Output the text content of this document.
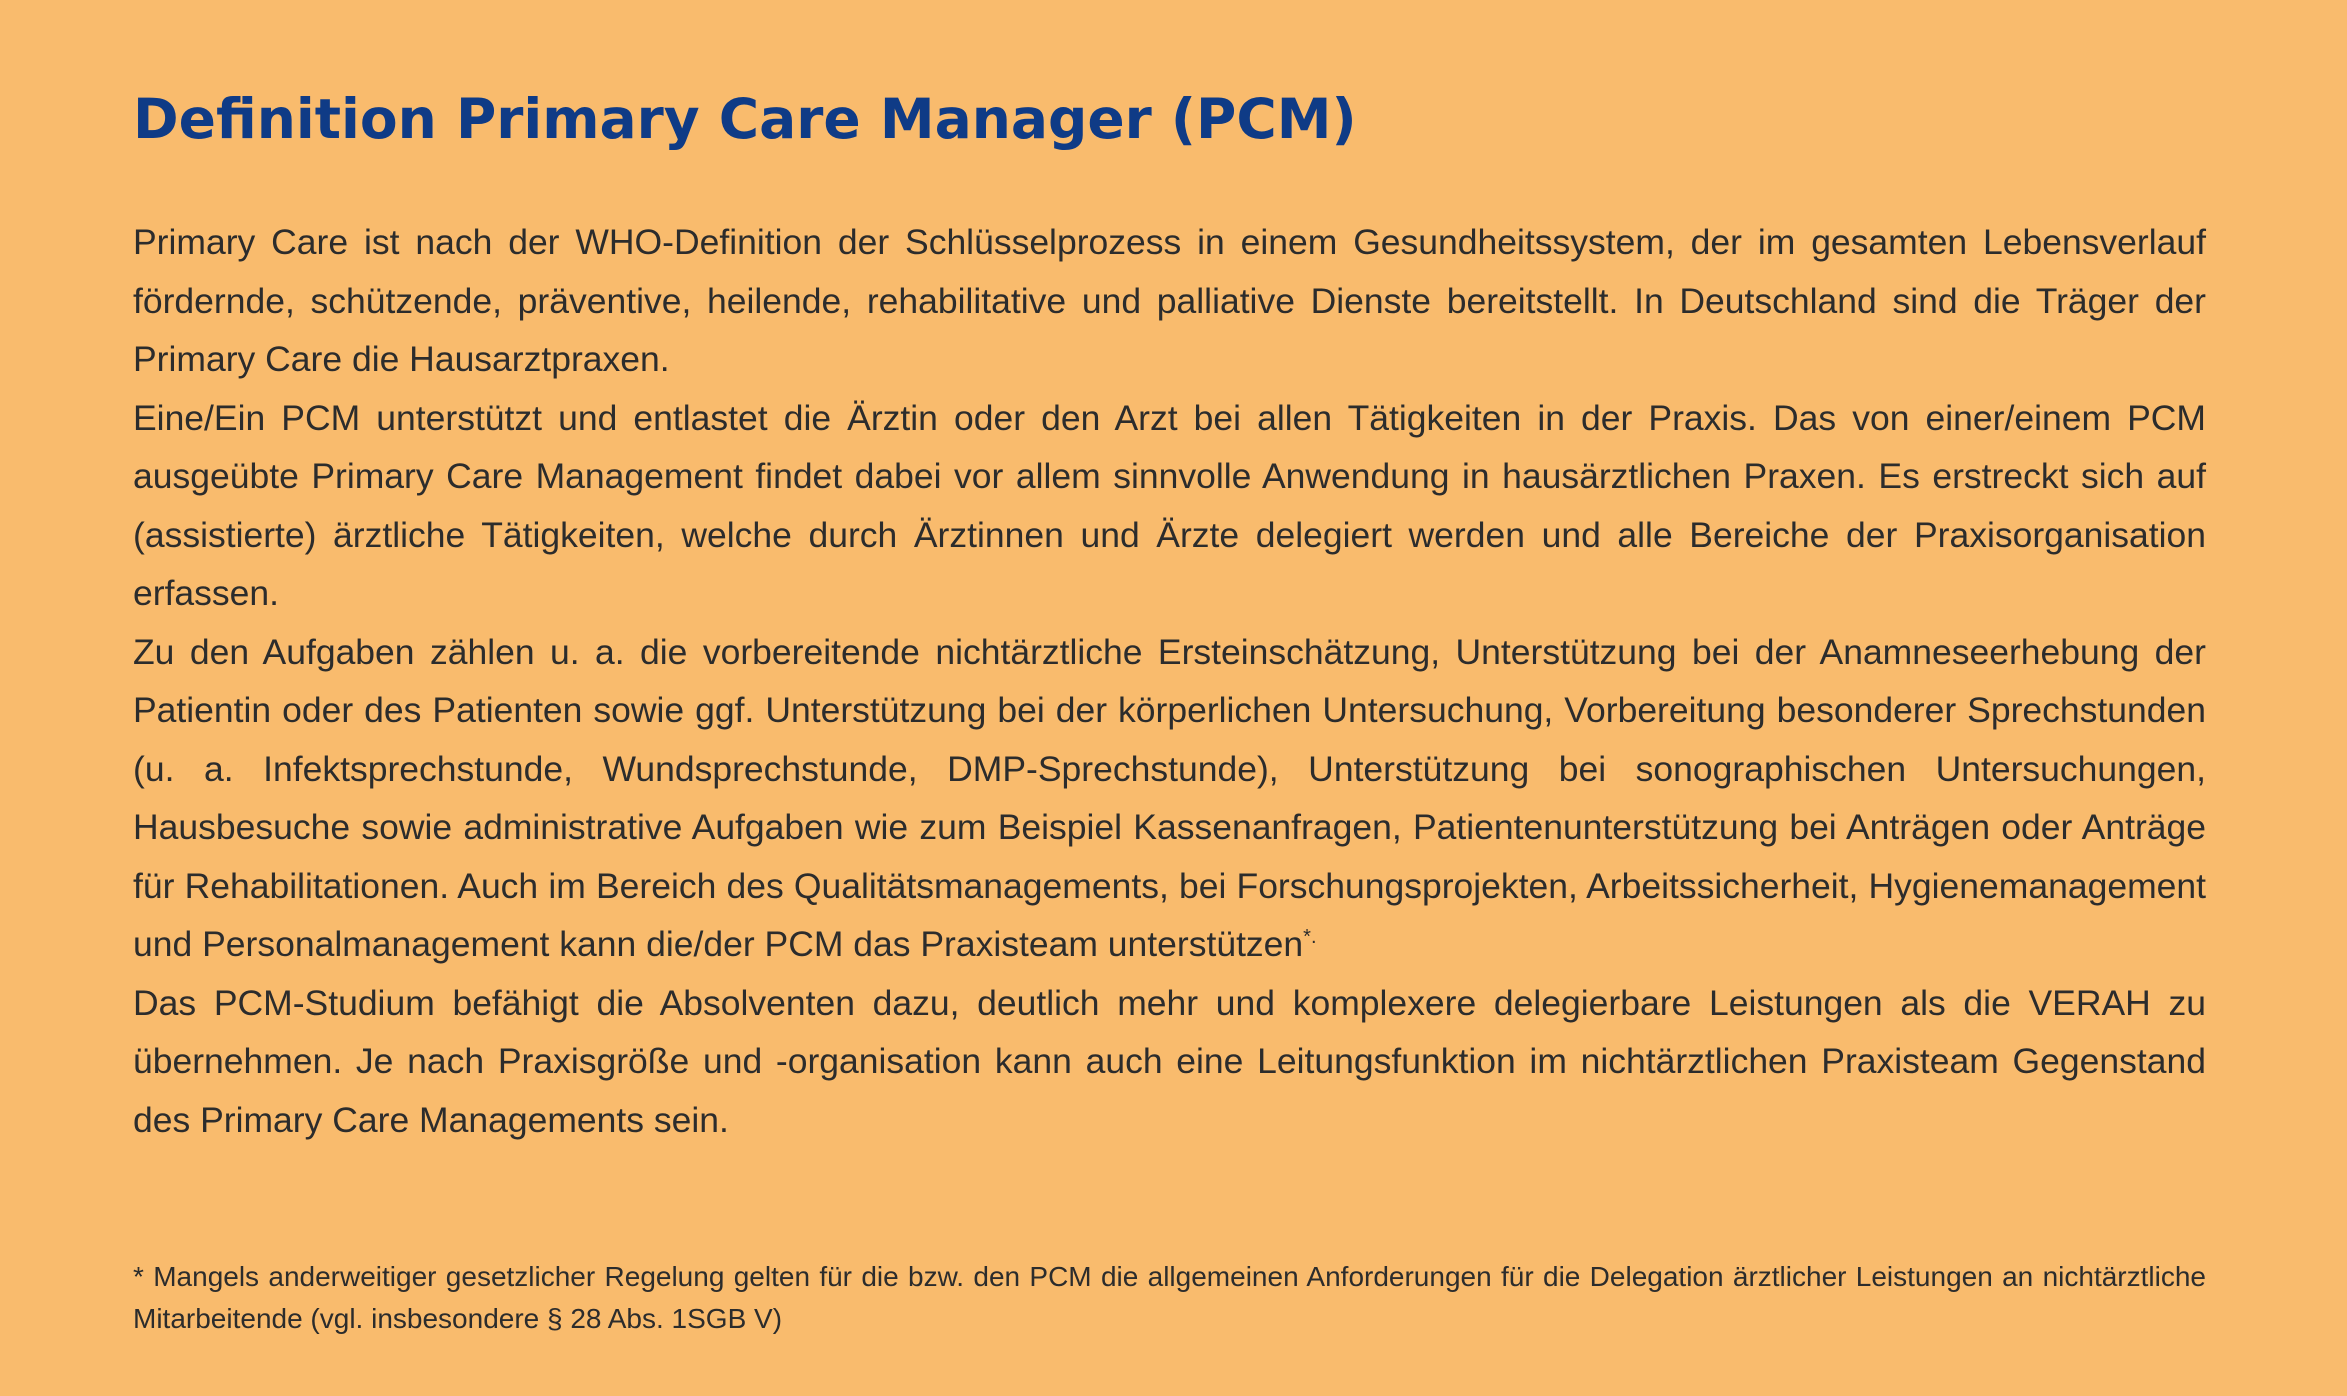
Definition Primary Care Manager (PCM)

Primary Care ist nach der WHO-Definition der Schlüsselprozess in einem Gesundheitssystem, der im gesamten Lebensverlauf fördernde, schützende, präventive, heilende, rehabilitative und palliative Dienste bereitstellt. In Deutschland sind die Träger der Primary Care die Hausarztpraxen.

Eine/Ein PCM unterstützt und entlastet die Ärztin oder den Arzt bei allen Tätigkeiten in der Praxis. Das von einer/einem PCM ausgeübte Primary Care Management findet dabei vor allem sinnvolle Anwendung in hausärztlichen Praxen. Es erstreckt sich auf (assistierte) ärztliche Tätigkeiten, welche durch Ärztinnen und Ärzte delegiert werden und alle Bereiche der Praxisorganisation erfassen.

Zu den Aufgaben zählen u. a. die vorbereitende nichtärztliche Ersteinschätzung, Unterstützung bei der Anamneseerhebung der Patientin oder des Patienten sowie ggf. Unterstützung bei der körperlichen Untersuchung, Vorbereitung besonderer Sprechstunden (u. a. Infektsprechstunde, Wundsprechstunde, DMP-Sprechstunde), Unterstützung bei sonographischen Untersuchungen, Hausbesuche sowie administrative Aufgaben wie zum Beispiel Kassenanfragen, Patientenunterstützung bei Anträgen oder Anträge für Rehabilitationen. Auch im Bereich des Qualitätsmanagements, bei Forschungsprojekten, Arbeitssicherheit, Hygienemanagement und Personalmanagement kann die/der PCM das Praxisteam unterstützen*.

Das PCM-Studium befähigt die Absolventen dazu, deutlich mehr und komplexere delegierbare Leistungen als die VERAH zu übernehmen. Je nach Praxisgröße und -organisation kann auch eine Leitungsfunktion im nichtärztlichen Praxisteam Gegenstand des Primary Care Managements sein.

* Mangels anderweitiger gesetzlicher Regelung gelten für die bzw. den PCM die allgemeinen Anforderungen für die Delegation ärztlicher Leistungen an nichtärztliche Mitarbeitende (vgl. insbesondere § 28 Abs. 1SGB V)
